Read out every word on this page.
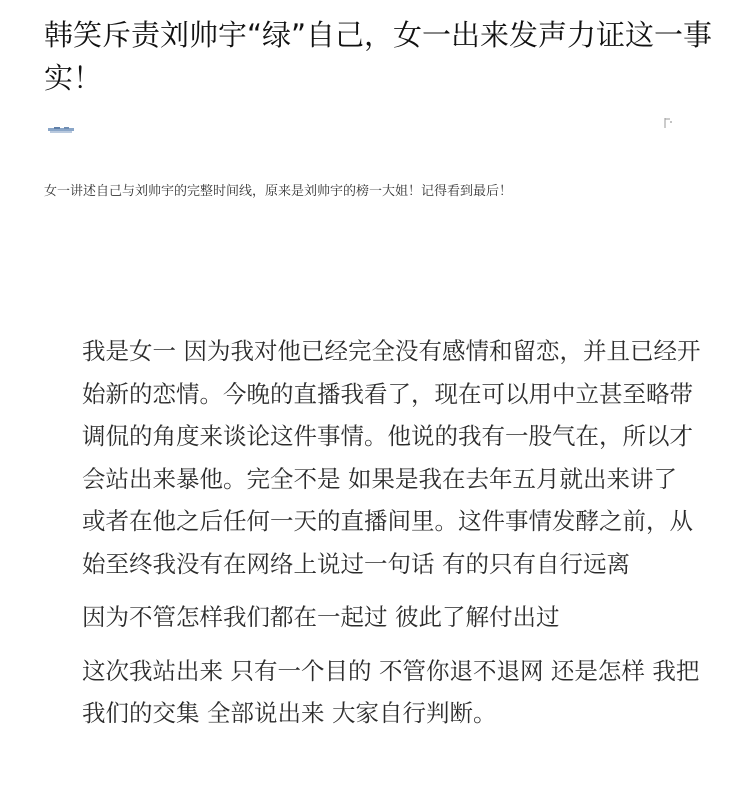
韩笑斥责刘帅宇“绿”自己，女一出来发声力证这一事实！
女一讲述自己与刘帅宇的完整时间线，原来是刘帅宇的榜一大姐！记得看到最后！

我是女一 因为我对他已经完全没有感情和留恋，并且已经开始新的恋情。今晚的直播我看了，现在可以用中立甚至略带调侃的角度来谈论这件事情。他说的我有一股气在，所以才会站出来暴他。完全不是 如果是我在去年五月就出来讲了 或者在他之后任何一天的直播间里。这件事情发酵之前，从始至终我没有在网络上说过一句话 有的只有自行远离

因为不管怎样我们都在一起过 彼此了解付出过

这次我站出来 只有一个目的 不管你退不退网 还是怎样 我把我们的交集 全部说出来 大家自行判断。
